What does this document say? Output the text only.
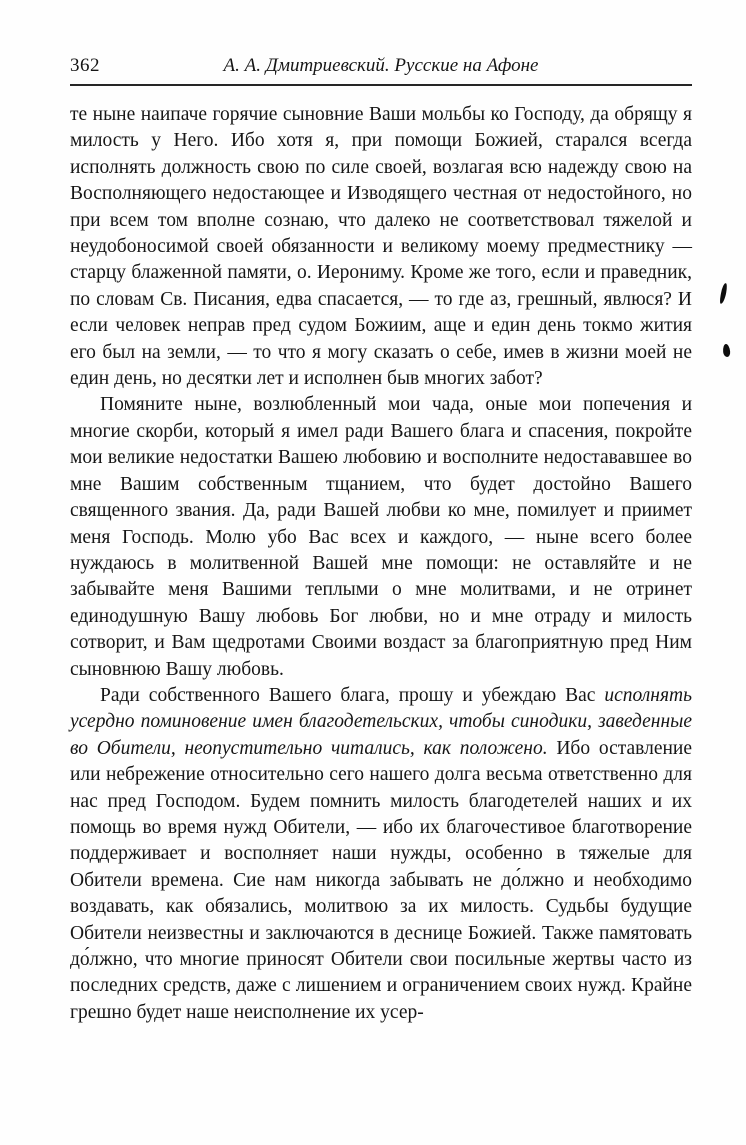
362	А. А. Дмитриевский. Русские на Афоне

те ныне наипаче горячие сыновние Ваши мольбы ко Господу, да обрящу я милость у Него. Ибо хотя я, при помощи Божией, старался всегда исполнять должность свою по силе своей, возлагая всю надежду свою на Восполняющего недостающее и Изводящего честная от недостойного, но при всем том вполне сознаю, что далеко не соответствовал тяжелой и неудобоносимой своей обязанности и великому моему предместнику — старцу блаженной памяти, о. Иерониму. Кроме же того, если и праведник, по словам Св. Писания, едва спасается, — то где аз, грешный, явлюся? И если человек неправ пред судом Божиим, аще и един день токмо жития его был на земли, — то что я могу сказать о себе, имев в жизни моей не един день, но десятки лет и исполнен быв многих забот?

Помяните ныне, возлюбленный мои чада, оные мои попечения и многие скорби, который я имел ради Вашего блага и спасения, покройте мои великие недостатки Вашею любовию и восполните недостававшее во мне Вашим собственным тщанием, что будет достойно Вашего священного звания. Да, ради Вашей любви ко мне, помилует и приимет меня Господь. Молю убо Вас всех и каждого, — ныне всего более нуждаюсь в молитвенной Вашей мне помощи: не оставляйте и не забывайте меня Вашими теплыми о мне молитвами, и не отринет единодушную Вашу любовь Бог любви, но и мне отраду и милость сотворит, и Вам щедротами Своими воздаст за благоприятную пред Ним сыновнюю Вашу любовь.

Ради собственного Вашего блага, прошу и убеждаю Вас исполнять усердно поминовение имен благодетельских, чтобы синодики, заведенные во Обители, неопустительно читались, как положено. Ибо оставление или небрежение относительно сего нашего долга весьма ответственно для нас пред Господом. Будем помнить милость благодетелей наших и их помощь во время нужд Обители, — ибо их благочестивое благотворение поддерживает и восполняет наши нужды, особенно в тяжелые для Обители времена. Сие нам никогда забывать не до́лжно и необходимо воздавать, как обязались, молитвою за их милость. Судьбы будущие Обители неизвестны и заключаются в деснице Божией. Также памятовать до́лжно, что многие приносят Обители свои посильные жертвы часто из последних средств, даже с лишением и ограничением своих нужд. Крайне грешно будет наше неисполнение их усер-
